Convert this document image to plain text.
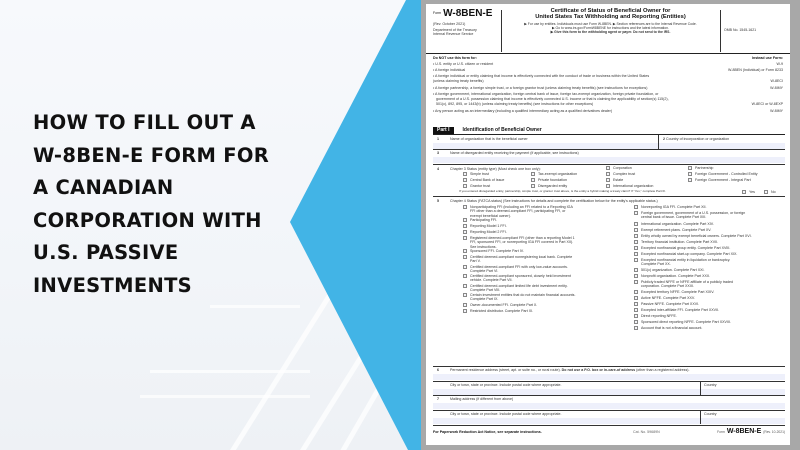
HOW TO FILL OUT A
W-8BEN-E FORM FOR
A CANADIAN
CORPORATION WITH
U.S. PASSIVE
INVESTMENTS
Form W-8BEN-E
(Rev. October 2021)
Department of the Treasury
Internal Revenue Service
Certificate of Status of Beneficial Owner for
United States Tax Withholding and Reporting (Entities)
▶ For use by entities. Individuals must use Form W-8BEN. ▶ Section references are to the Internal Revenue Code.
▶ Go to www.irs.gov/FormW8BENE for instructions and the latest information.
▶ Give this form to the withholding agent or payer. Do not send to the IRS.
OMB No. 1545-1621
Do NOT use this form for:	Instead use Form:
• U.S. entity or U.S. citizen or resident	W-9
• A foreign individual	W-8BEN (Individual) or Form 8233
• A foreign individual or entity claiming that income is effectively connected with the conduct of trade or business within the United States
(unless claiming treaty benefits)	W-8ECI
• A foreign partnership, a foreign simple trust, or a foreign grantor trust (unless claiming treaty benefits) (see instructions for exceptions)	W-8IMY
• A foreign government, international organization, foreign central bank of issue, foreign tax-exempt organization, foreign private foundation, or
government of a U.S. possession claiming that income is effectively connected U.S. income or that is claiming the applicability of section(s) 115(2),
501(c), 892, 895, or 1443(b) (unless claiming treaty benefits) (see instructions for other exceptions)	W-8ECI or W-8EXP
• Any person acting as an intermediary (including a qualified intermediary acting as a qualified derivatives dealer)	W-8IMY
Part I	Identification of Beneficial Owner
1	Name of organization that is the beneficial owner	2 Country of incorporation or organization
3	Name of disregarded entity receiving the payment (if applicable, see instructions)
4	Chapter 3 Status (entity type) (Must check one box only):	Corporation	Partnership
Simple trust	Tax-exempt organization	Complex trust	Foreign Government - Controlled Entity
Central Bank of Issue	Private foundation	Estate	Foreign Government - Integral Part
Grantor trust	Disregarded entity	International organization
If you entered disregarded entity, partnership, simple trust, or grantor trust above, is the entity a hybrid making a treaty claim? If "Yes," complete Part III.	Yes	No
5	Chapter 4 Status (FATCA status) (See instructions for details and complete the certification below for the entity's applicable status.)
6	Permanent residence address (street, apt. or suite no., or rural route). Do not use a P.O. box or in-care-of address (other than a registered address).
City or town, state or province. Include postal code where appropriate.	Country
7	Mailing address (if different from above)
City or town, state or province. Include postal code where appropriate.	Country
For Paperwork Reduction Act Notice, see separate instructions.	Cat. No. 59689N	Form W-8BEN-E (Rev. 10-2021)
Nonparticipating FFI (including an FFI related to a Reporting IGA
FFI other than a deemed-compliant FFI, participating FFI, or
exempt beneficial owner).
Participating FFI.
Reporting Model 1 FFI.
Reporting Model 2 FFI.
Registered deemed-compliant FFI (other than a reporting Model 1
FFI, sponsored FFI, or nonreporting IGA FFI covered in Part XII).
See instructions.
Sponsored FFI. Complete Part IV.
Certified deemed-compliant nonregistering local bank. Complete
Part V.
Certified deemed-compliant FFI with only low-value accounts.
Complete Part VI.
Certified deemed-compliant sponsored, closely held investment
vehicle. Complete Part VII.
Certified deemed-compliant limited life debt investment entity.
Complete Part VIII.
Certain investment entities that do not maintain financial accounts.
Complete Part IX.
Owner-documented FFI. Complete Part X.
Restricted distributor. Complete Part XI.
Nonreporting IGA FFI. Complete Part XII.
Foreign government, government of a U.S. possession, or foreign
central bank of issue. Complete Part XIII.
International organization. Complete Part XIV.
Exempt retirement plans. Complete Part XV.
Entity wholly owned by exempt beneficial owners. Complete Part XVI.
Territory financial institution. Complete Part XVII.
Excepted nonfinancial group entity. Complete Part XVIII.
Excepted nonfinancial start-up company. Complete Part XIX.
Excepted nonfinancial entity in liquidation or bankruptcy.
Complete Part XX.
501(c) organization. Complete Part XXI.
Nonprofit organization. Complete Part XXII.
Publicly traded NFFE or NFFE affiliate of a publicly traded
corporation. Complete Part XXIII.
Excepted territory NFFE. Complete Part XXIV.
Active NFFE. Complete Part XXV.
Passive NFFE. Complete Part XXVI.
Excepted inter-affiliate FFI. Complete Part XXVII.
Direct reporting NFFE.
Sponsored direct reporting NFFE. Complete Part XXVIII.
Account that is not a financial account.
